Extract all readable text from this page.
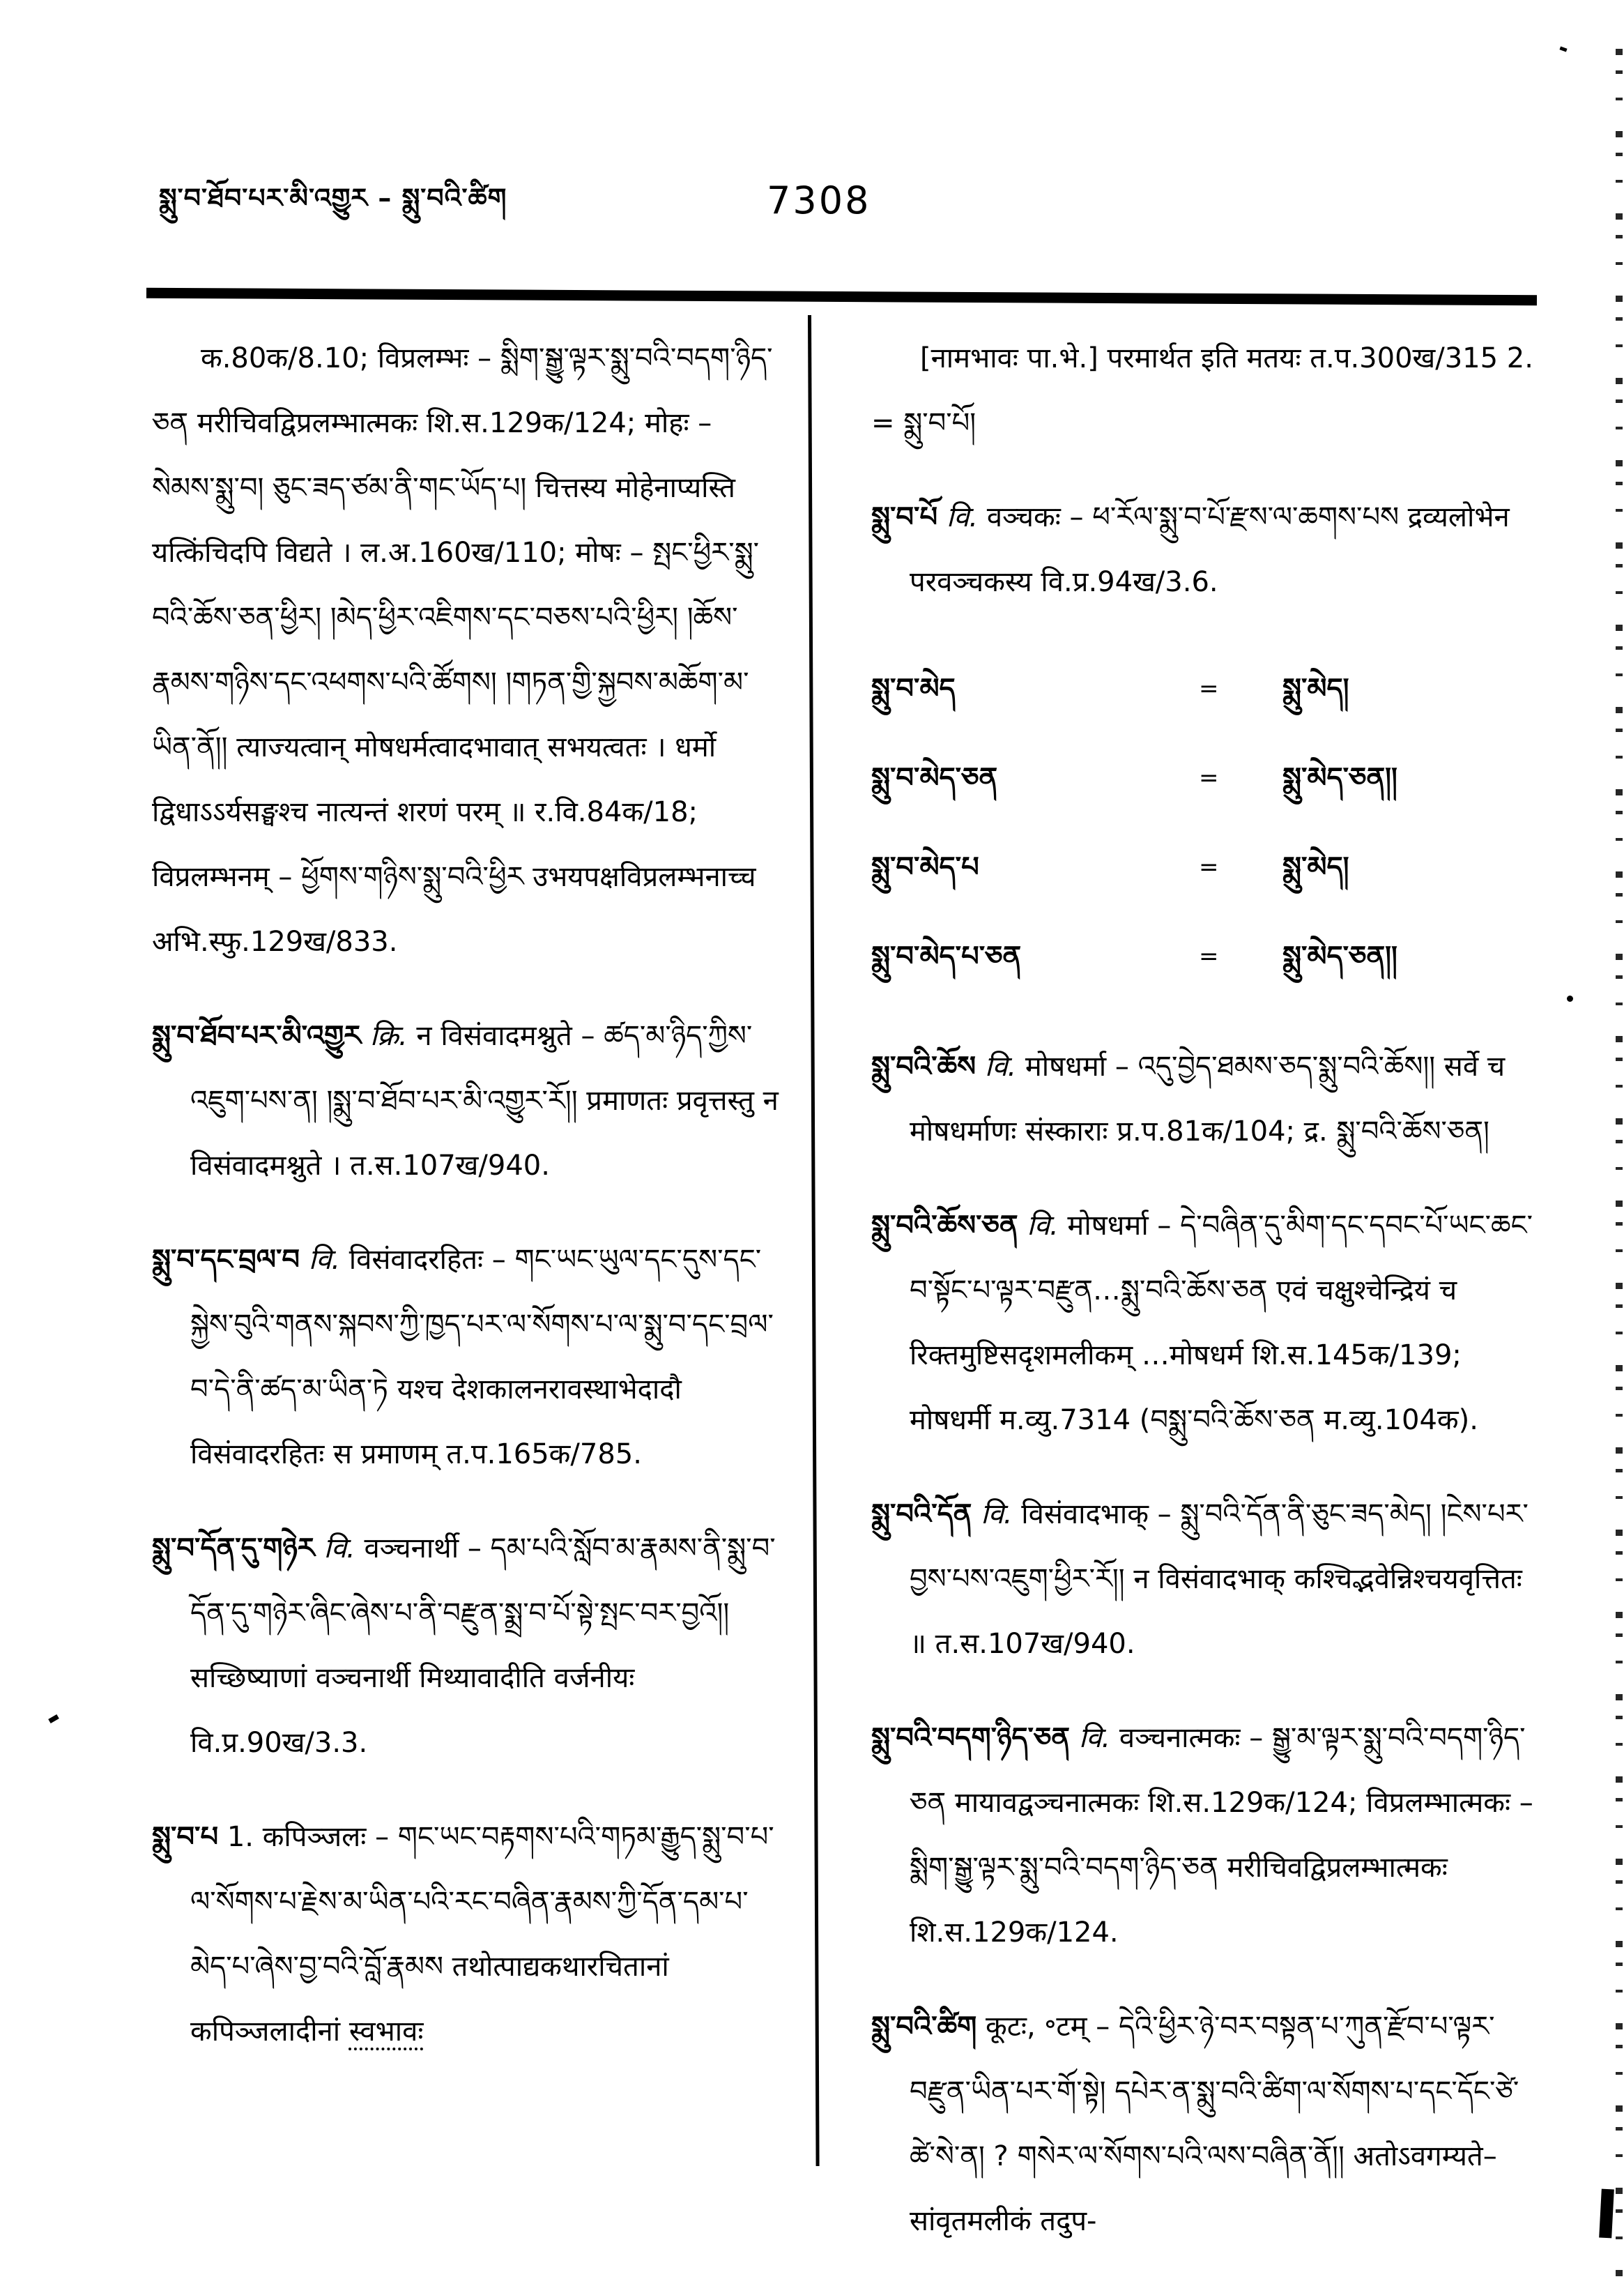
སྨུ་བ་ཐོབ་པར་མི་འགྱུར – སྨུ་བའི་ཚིག	7308

क.80क/8.10; विप्रलम्भः – སྨིག་སྒྱུ་ལྟར་སྨུ་བའི་བདག་ཉིད་ཅན मरीचिवद्विप्रलम्भात्मकः शि.स.129क/124; मोहः – སེམས་སྨུ་བ། ཅུང་ཟད་ཙམ་ནི་གང་ཡོད་པ། चित्तस्य मोहेनाप्यस्ति यत्किंचिदपि विद्यते । ल.अ.160ख/110; मोषः – སྤང་ཕྱིར་སྨུ་བའི་ཆོས་ཅན་ཕྱིར། །མེད་ཕྱིར་འཇིགས་དང་བཅས་པའི་ཕྱིར། །ཆོས་རྣམས་གཉིས་དང་འཕགས་པའི་ཚོགས། །གཏན་གྱི་སྐྱབས་མཆོག་མ་ཡིན་ནོ།། त्याज्यत्वान् मोषधर्मत्वादभावात् सभयत्वतः । धर्मो द्विधाऽऽर्यसङ्घश्च नात्यन्तं शरणं परम् ॥ र.वि.84क/18; विप्रलम्भनम् – ཕྱོགས་གཉིས་སྨུ་བའི་ཕྱིར उभयपक्षविप्रलम्भनाच्च अभि.स्फु.129ख/833.

སྨུ་བ་ཐོབ་པར་མི་འགྱུར क्रि. न विसंवादमश्नुते – ཚད་མ་ཉིད་ཀྱིས་འཇུག་པས་ན། །སྨུ་བ་ཐོབ་པར་མི་འགྱུར་རོ།། प्रमाणतः प्रवृत्तस्तु न विसंवादमश्नुते । त.स.107ख/940.

སྨུ་བ་དང་བྲལ་བ वि. विसंवादरहितः – གང་ཡང་ཡུལ་དང་དུས་དང་སྐྱེས་བུའི་གནས་སྐབས་ཀྱི་ཁྱད་པར་ལ་སོགས་པ་ལ་སྨུ་བ་དང་བྲལ་བ་དེ་ནི་ཚད་མ་ཡིན་ཏེ यश्च देशकालनरावस्थाभेदादौ विसंवादरहितः स प्रमाणम् त.प.165क/785.

སྨུ་བ་དོན་དུ་གཉེར वि. वञ्चनार्थी – དམ་པའི་སློབ་མ་རྣམས་ནི་སྨུ་བ་དོན་དུ་གཉེར་ཞིང་ཞེས་པ་ནི་བརྫུན་སྨྲ་བ་པོ་སྟེ་སྤང་བར་བྱའོ།། सच्छिष्याणां वञ्चनार्थी मिथ्यावादीति वर्जनीयः वि.प्र.90ख/3.3.

སྨུ་བ་པ 1. कपिञ्जलः – གང་ཡང་བརྟགས་པའི་གཏམ་རྒྱུད་སྨུ་བ་པ་ལ་སོགས་པ་རྗེས་མ་ཡིན་པའི་རང་བཞིན་རྣམས་ཀྱི་དོན་དམ་པ་མེད་པ་ཞེས་བྱ་བའི་བློ་རྣམས तथोत्पाद्यकथारचितानां कपिञ्जलादीनां स्वभावः

[नामभावः पा.भे.] परमार्थत इति मतयः त.प.300ख/315 2. = སྨུ་བ་པོ།

སྨུ་བ་པོ वि. वञ्चकः – ཕ་རོལ་སྨུ་བ་པོ་རྫས་ལ་ཆགས་པས द्रव्यलोभेन परवञ्चकस्य वि.प्र.94ख/3.6.

སྨུ་བ་མེད	=	སྨུ་མེད།
སྨུ་བ་མེད་ཅན	=	སྨུ་མེད་ཅན།།
སྨུ་བ་མེད་པ	=	སྨུ་མེད།
སྨུ་བ་མེད་པ་ཅན	=	སྨུ་མེད་ཅན།།

སྨུ་བའི་ཆོས वि. मोषधर्मा – འདུ་བྱེད་ཐམས་ཅད་སྨུ་བའི་ཆོས།། सर्वे च मोषधर्माणः संस्काराः प्र.प.81क/104; द्र. སྨུ་བའི་ཆོས་ཅན།

སྨུ་བའི་ཆོས་ཅན वि. मोषधर्मा – དེ་བཞིན་དུ་མིག་དང་དབང་པོ་ཡང་ཆང་བ་སྟོང་པ་ལྟར་བརྫུན…སྨུ་བའི་ཆོས་ཅན एवं चक्षुश्चेन्द्रियं च रिक्तमुष्टिसदृशमलीकम् …मोषधर्म शि.स.145क/139; मोषधर्मी म.व्यु.7314 (བསྨུ་བའི་ཆོས་ཅན म.व्यु.104क).

སྨུ་བའི་དོན वि. विसंवादभाक् – སྨུ་བའི་དོན་ནི་ཅུང་ཟད་མེད། །ངེས་པར་བྱས་པས་འཇུག་ཕྱིར་རོ།། न विसंवादभाक् कश्चिद्भवेन्निश्चयवृत्तितः ॥ त.स.107ख/940.

སྨུ་བའི་བདག་ཉིད་ཅན वि. वञ्चनात्मकः – སྒྱུ་མ་ལྟར་སྨུ་བའི་བདག་ཉིད་ཅན मायावद्वञ्चनात्मकः शि.स.129क/124; विप्रलम्भात्मकः – སྨིག་སྒྱུ་ལྟར་སྨུ་བའི་བདག་ཉིད་ཅན मरीचिवद्विप्रलम्भात्मकः शि.स.129क/124.

སྨུ་བའི་ཚིག कूटः, ॰टम् – དེའི་ཕྱིར་ཉེ་བར་བསྟན་པ་ཀུན་རྫོབ་པ་ལྟར་བརྫུན་ཡིན་པར་གོ་སྟེ། དཔེར་ན་སྨུ་བའི་ཚིག་ལ་སོགས་པ་དང་དོང་ཙེ་ཚེ་སེ་ན། ? གསེར་ལ་སོགས་པའི་ལས་བཞིན་ནོ།། अतोऽवगम्यते–सांवृतमलीकं तदुप-
